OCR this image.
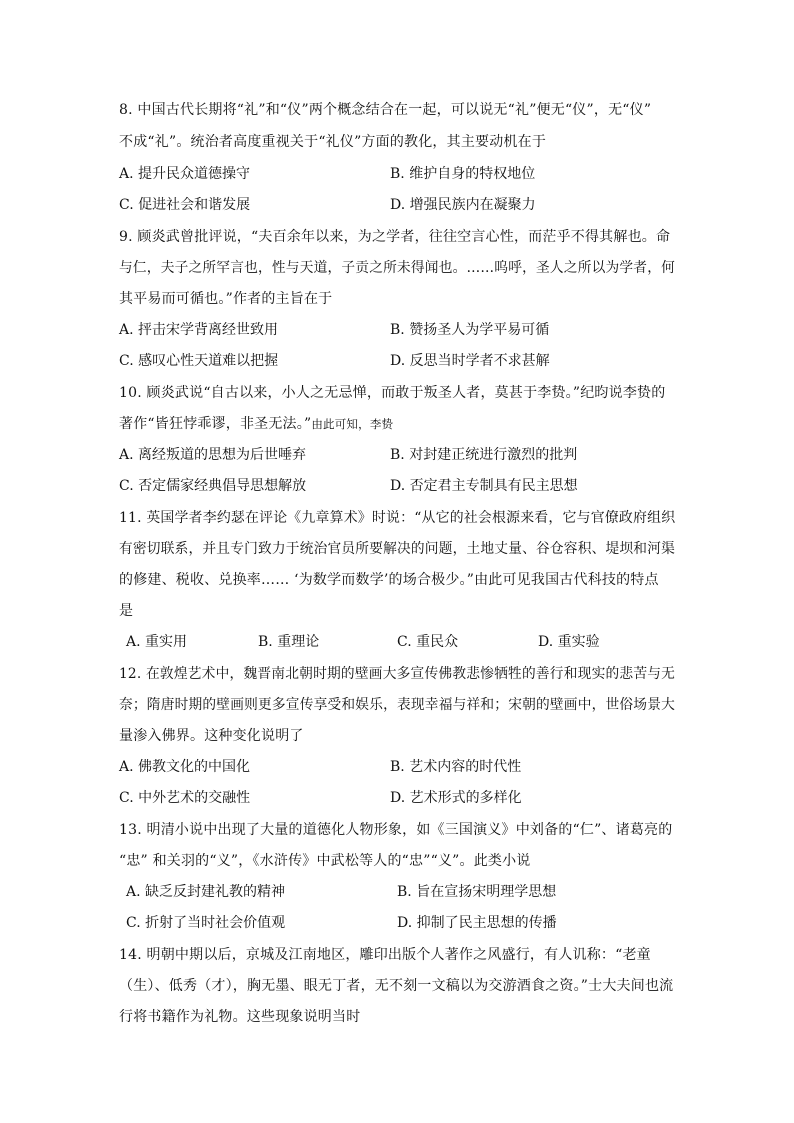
8. 中国古代长期将“礼”和“仪”两个概念结合在一起，可以说无“礼”便无“仪”，无“仪”
不成“礼”。统治者高度重视关于“礼仪”方面的教化，其主要动机在于
A. 提升民众道德操守	B. 维护自身的特权地位
C. 促进社会和谐发展	D. 增强民族内在凝聚力
9. 顾炎武曾批评说，“夫百余年以来，为之学者，往往空言心性，而茫乎不得其解也。命
与仁，夫子之所罕言也，性与天道，子贡之所未得闻也。……呜呼，圣人之所以为学者，何
其平易而可循也。”作者的主旨在于
A. 抨击宋学背离经世致用	B. 赞扬圣人为学平易可循
C. 感叹心性天道难以把握	D. 反思当时学者不求甚解
10. 顾炎武说“自古以来，小人之无忌惮，而敢于叛圣人者，莫甚于李贽。”纪昀说李贽的
著作“皆狂悖乖谬，非圣无法。”由此可知，李贽
A. 离经叛道的思想为后世唾弃	B. 对封建正统进行激烈的批判
C. 否定儒家经典倡导思想解放	D. 否定君主专制具有民主思想
11. 英国学者李约瑟在评论《九章算术》时说：“从它的社会根源来看，它与官僚政府组织
有密切联系，并且专门致力于统治官员所要解决的问题，土地丈量、谷仓容积、堤坝和河渠
的修建、税收、兑换率…… ‘为数学而数学’的场合极少。”由此可见我国古代科技的特点
是
A. 重实用	B. 重理论	C. 重民众	D. 重实验
12. 在敦煌艺术中，魏晋南北朝时期的壁画大多宣传佛教悲惨牺牲的善行和现实的悲苦与无
奈；隋唐时期的壁画则更多宣传享受和娱乐，表现幸福与祥和；宋朝的壁画中，世俗场景大
量渗入佛界。这种变化说明了
A. 佛教文化的中国化	B. 艺术内容的时代性
C. 中外艺术的交融性	D. 艺术形式的多样化
13. 明清小说中出现了大量的道德化人物形象，如《三国演义》中刘备的“仁”、诸葛亮的
“忠” 和关羽的“义”，《水浒传》中武松等人的“忠”“义”。此类小说
A. 缺乏反封建礼教的精神	B. 旨在宣扬宋明理学思想
C. 折射了当时社会价值观	D. 抑制了民主思想的传播
14. 明朝中期以后，京城及江南地区，雕印出版个人著作之风盛行，有人讥称：“老童
（生）、低秀（才），胸无墨、眼无丁者，无不刻一文稿以为交游酒食之资。”士大夫间也流
行将书籍作为礼物。这些现象说明当时
